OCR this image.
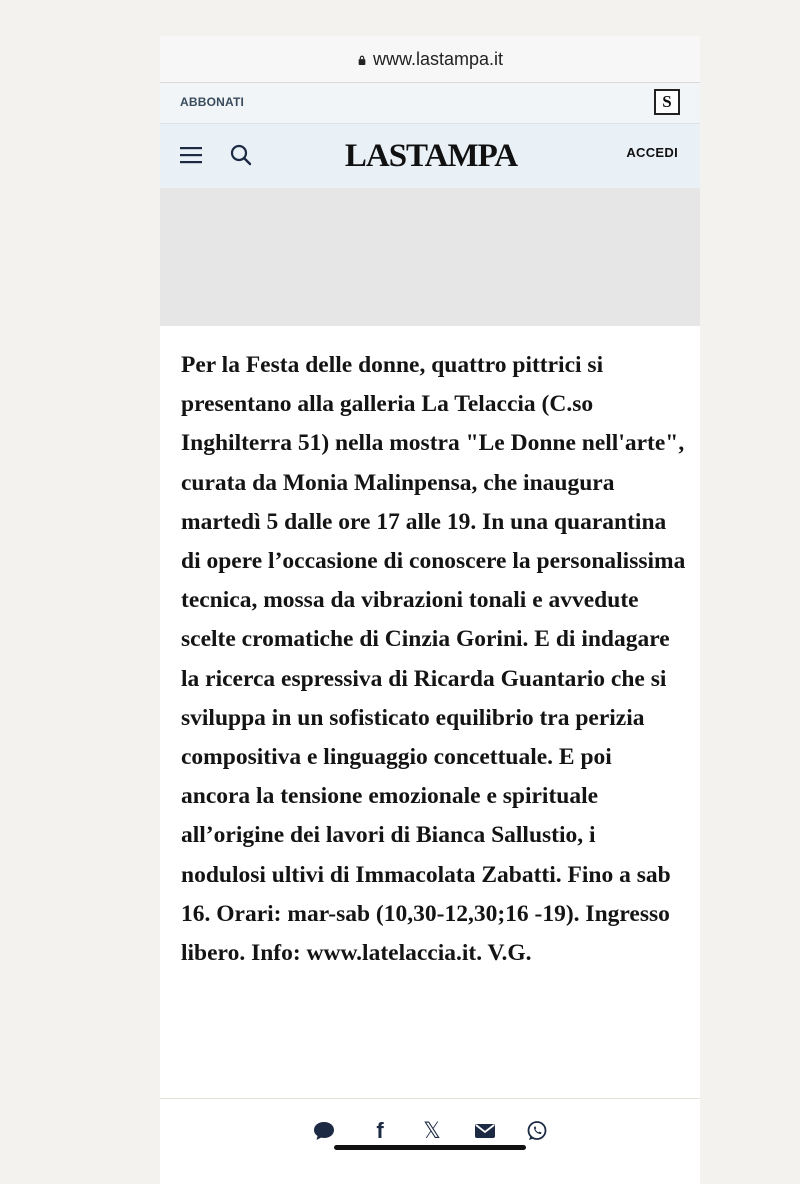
www.lastampa.it
ABBONATI	S
LASTAMPA	ACCEDI
Per la Festa delle donne, quattro pittrici si presentano alla galleria La Telaccia (C.so Inghilterra 51) nella mostra "Le Donne nell'arte", curata da Monia Malinpensa, che inaugura martedì 5 dalle ore 17 alle 19. In una quarantina di opere l’occasione di conoscere la personalissima tecnica, mossa da vibrazioni tonali e avvedute scelte cromatiche di Cinzia Gorini. E di indagare la ricerca espressiva di Ricarda Guantario che si sviluppa in un sofisticato equilibrio tra perizia compositiva e linguaggio concettuale. E poi ancora la tensione emozionale e spirituale all’origine dei lavori di Bianca Sallustio, i nodulosi ultivi di Immacolata Zabatti. Fino a sab 16. Orari: mar-sab (10,30-12,30;16 -19). Ingresso libero. Info: www.latelaccia.it. V.G.
f	𝕏
